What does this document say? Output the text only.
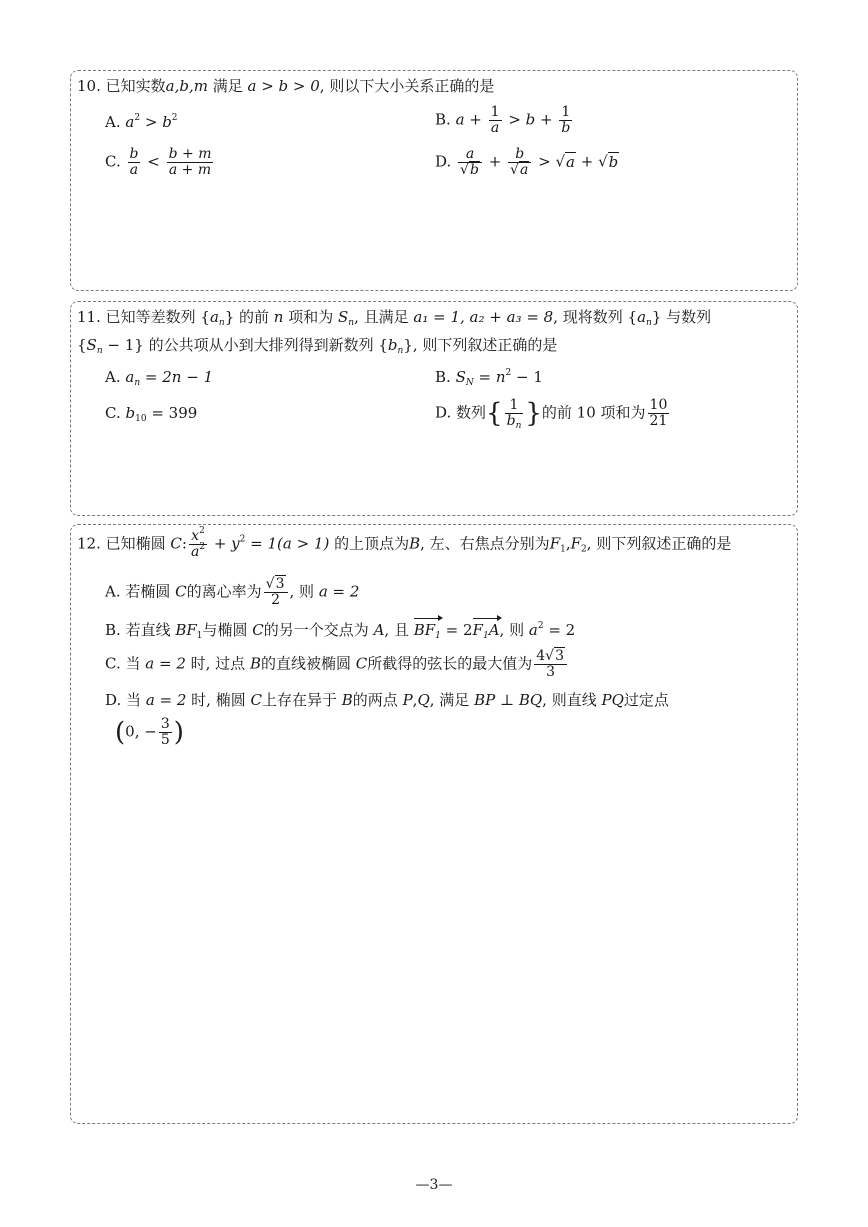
10. 已知实数a,b,m 满足 a > b > 0, 则以下大小关系正确的是
A. $a^2 > b^2$	B. $a + \frac{1}{a} > b + \frac{1}{b}$
C. $\frac{b}{a} < \frac{b + m}{a + m}$	D. $\frac{a}{√b} + \frac{b}{√a} > √a + √b$
11. 已知等差数列 $\{a_n\}$ 的前 n 项和为 $S_n$, 且满足 a₁ = 1, a₂ + a₃ = 8, 现将数列 $\{a_n\}$ 与数列
$\{S_n - 1\}$ 的公共项从小到大排列得到新数列 $\{b_n\}$, 则下列叙述正确的是
A. $a_n = 2n - 1$	B. $S_N = n^2 - 1$
C. $b_{10} = 399$	D. 数列{ $\frac{1}{b_n}$ }的前 10 项和为 $\frac{10}{21}$
12. 已知椭圆 C: $\frac{x^2}{a^2} + y^2 = 1(a > 1)$ 的上顶点为B, 左、右焦点分别为$F_1,F_2$, 则下列叙述正确的是
A. 若椭圆 C的离心率为 $\frac{√3}{2}$ , 则 a = 2
B. 若直线 $BF_1$与椭圆 C的另一个交点为 A, 且 $BF_1 = 2F_1A$, 则 $a^2 = 2$
C. 当 a = 2 时, 过点 B的直线被椭圆 C所截得的弦长的最大值为 $\frac{4√3}{3}$
D. 当 a = 2 时, 椭圆 C上存在异于 B的两点 P,Q, 满足 BP ⊥ BQ, 则直线 PQ过定点
(0, − $\frac{3}{5}$ )
—3—
